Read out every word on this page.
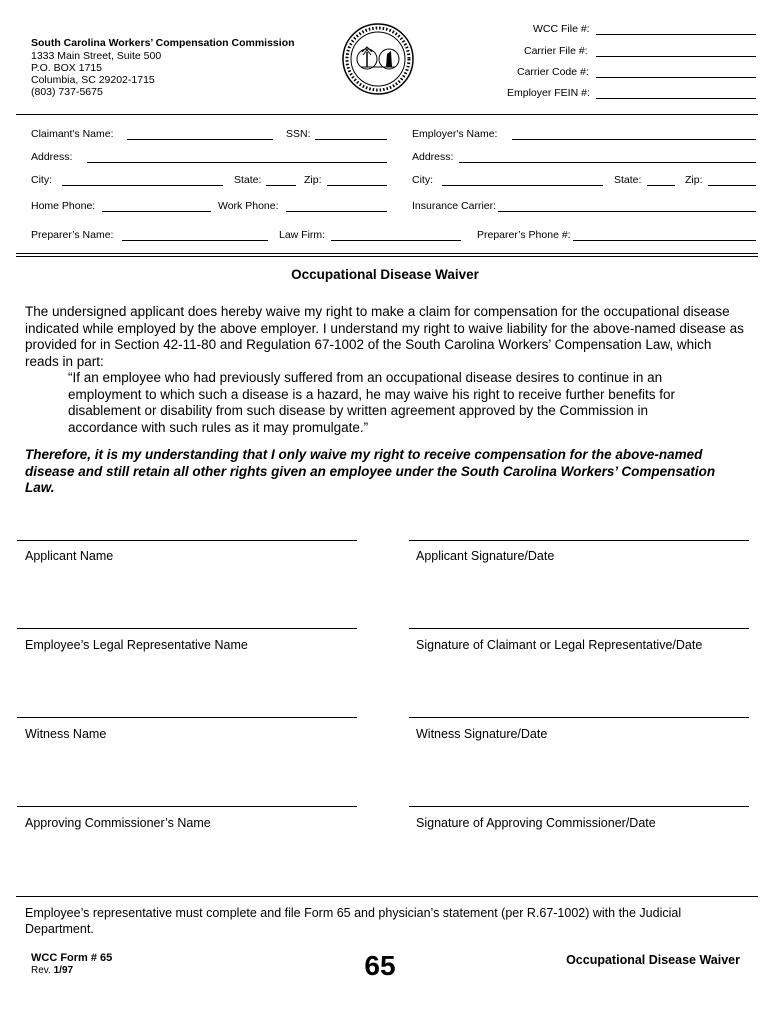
South Carolina Workers’ Compensation Commission
1333 Main Street, Suite 500
P.O. BOX 1715
Columbia, SC 29202-1715
(803) 737-5675
WCC File #:
Carrier File #:
Carrier Code #:
Employer FEIN #:
Claimant's Name:	SSN:	Employer's Name:
Address:	Address:
City:	State:	Zip:	City:	State:	Zip:
Home Phone:	Work Phone:	Insurance Carrier:
Preparer’s Name:	Law Firm:	Preparer’s Phone #:
Occupational Disease Waiver
The undersigned applicant does hereby waive my right to make a claim for compensation for the occupational disease indicated while employed by the above employer. I understand my right to waive liability for the above-named disease as provided for in Section 42-11-80 and Regulation 67-1002 of the South Carolina Workers’ Compensation Law, which reads in part:
“If an employee who had previously suffered from an occupational disease desires to continue in an employment to which such a disease is a hazard, he may waive his right to receive further benefits for disablement or disability from such disease by written agreement approved by the Commission in accordance with such rules as it may promulgate.”
Therefore, it is my understanding that I only waive my right to receive compensation for the above-named disease and still retain all other rights given an employee under the South Carolina Workers’ Compensation Law.
Applicant Name	Applicant Signature/Date
Employee’s Legal Representative Name	Signature of Claimant or Legal Representative/Date
Witness Name	Witness Signature/Date
Approving Commissioner’s Name	Signature of Approving Commissioner/Date
Employee’s representative must complete and file Form 65 and physician’s statement (per R.67-1002) with the Judicial Department.
WCC Form # 65
Rev. 1/97	65	Occupational Disease Waiver
